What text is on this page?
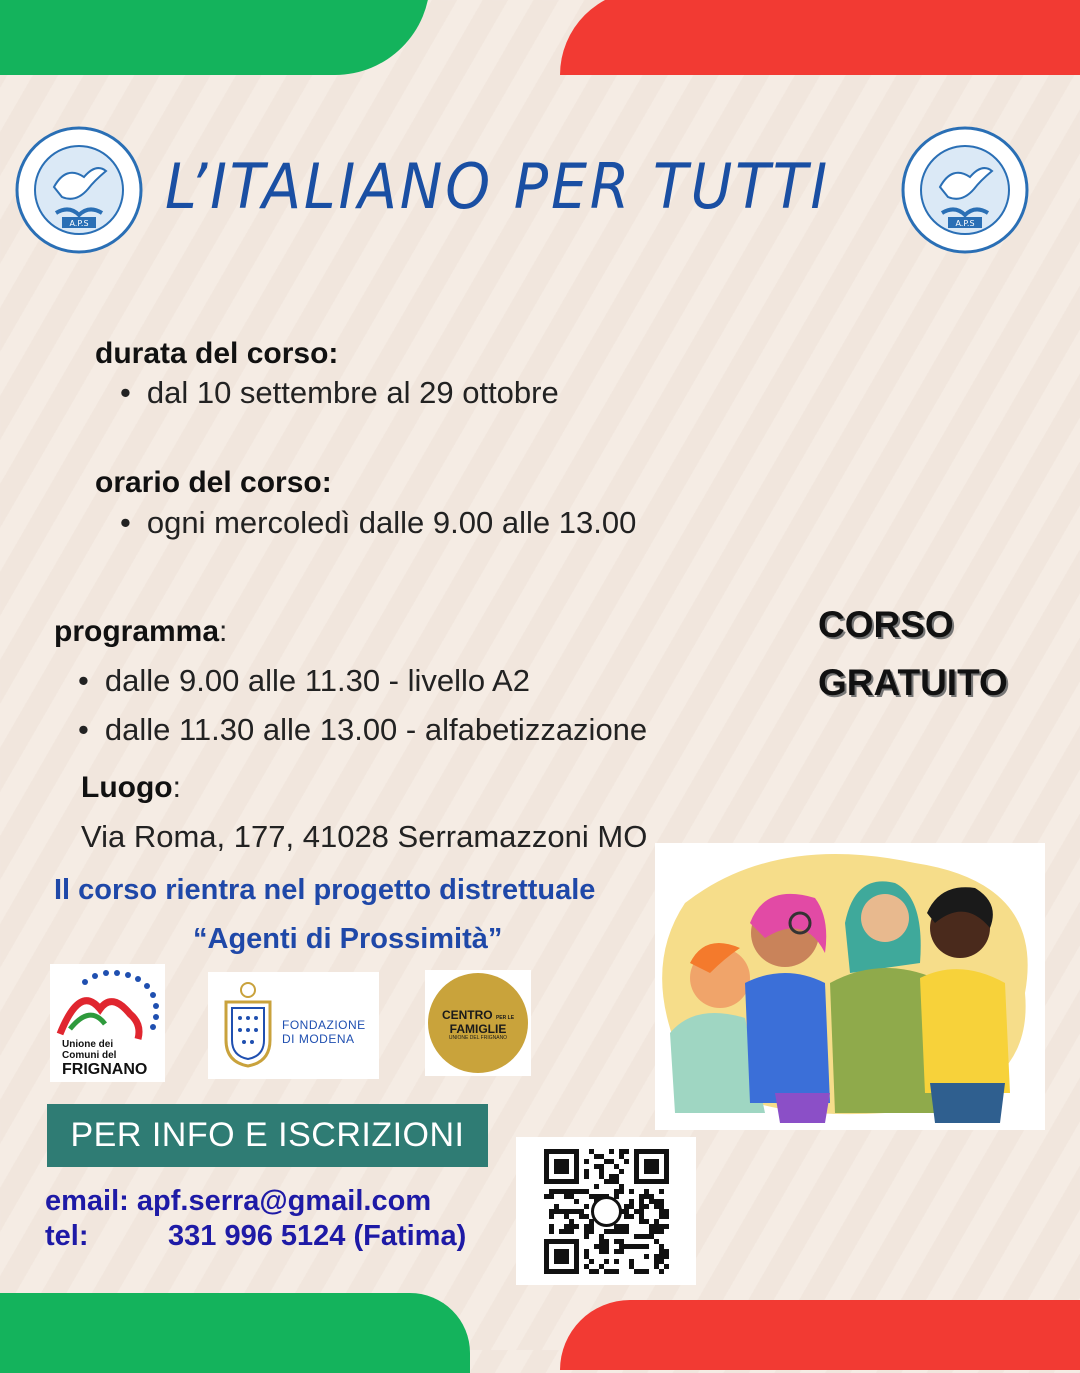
A.P.S	A.P.S
L’ITALIANO PER TUTTI
durata del corso:
• dal 10 settembre al 29 ottobre
orario del corso:
• ogni mercoledì dalle 9.00 alle 13.00
programma:
• dalle 9.00 alle 11.30 - livello A2
• dalle 11.30 alle 13.00 - alfabetizzazione
Luogo:
Via Roma, 177, 41028 Serramazzoni MO
CORSO
GRATUITO
Il corso rientra nel progetto distrettuale
“Agenti di Prossimità”
Unione dei
Comuni del
FRIGNANO
FONDAZIONE
DI MODENA
CENTRO PER LE
FAMIGLIE
UNIONE DEL FRIGNANO
PER INFO E ISCRIZIONI
email: apf.serra@gmail.com
tel:	331 996 5124 (Fatima)
